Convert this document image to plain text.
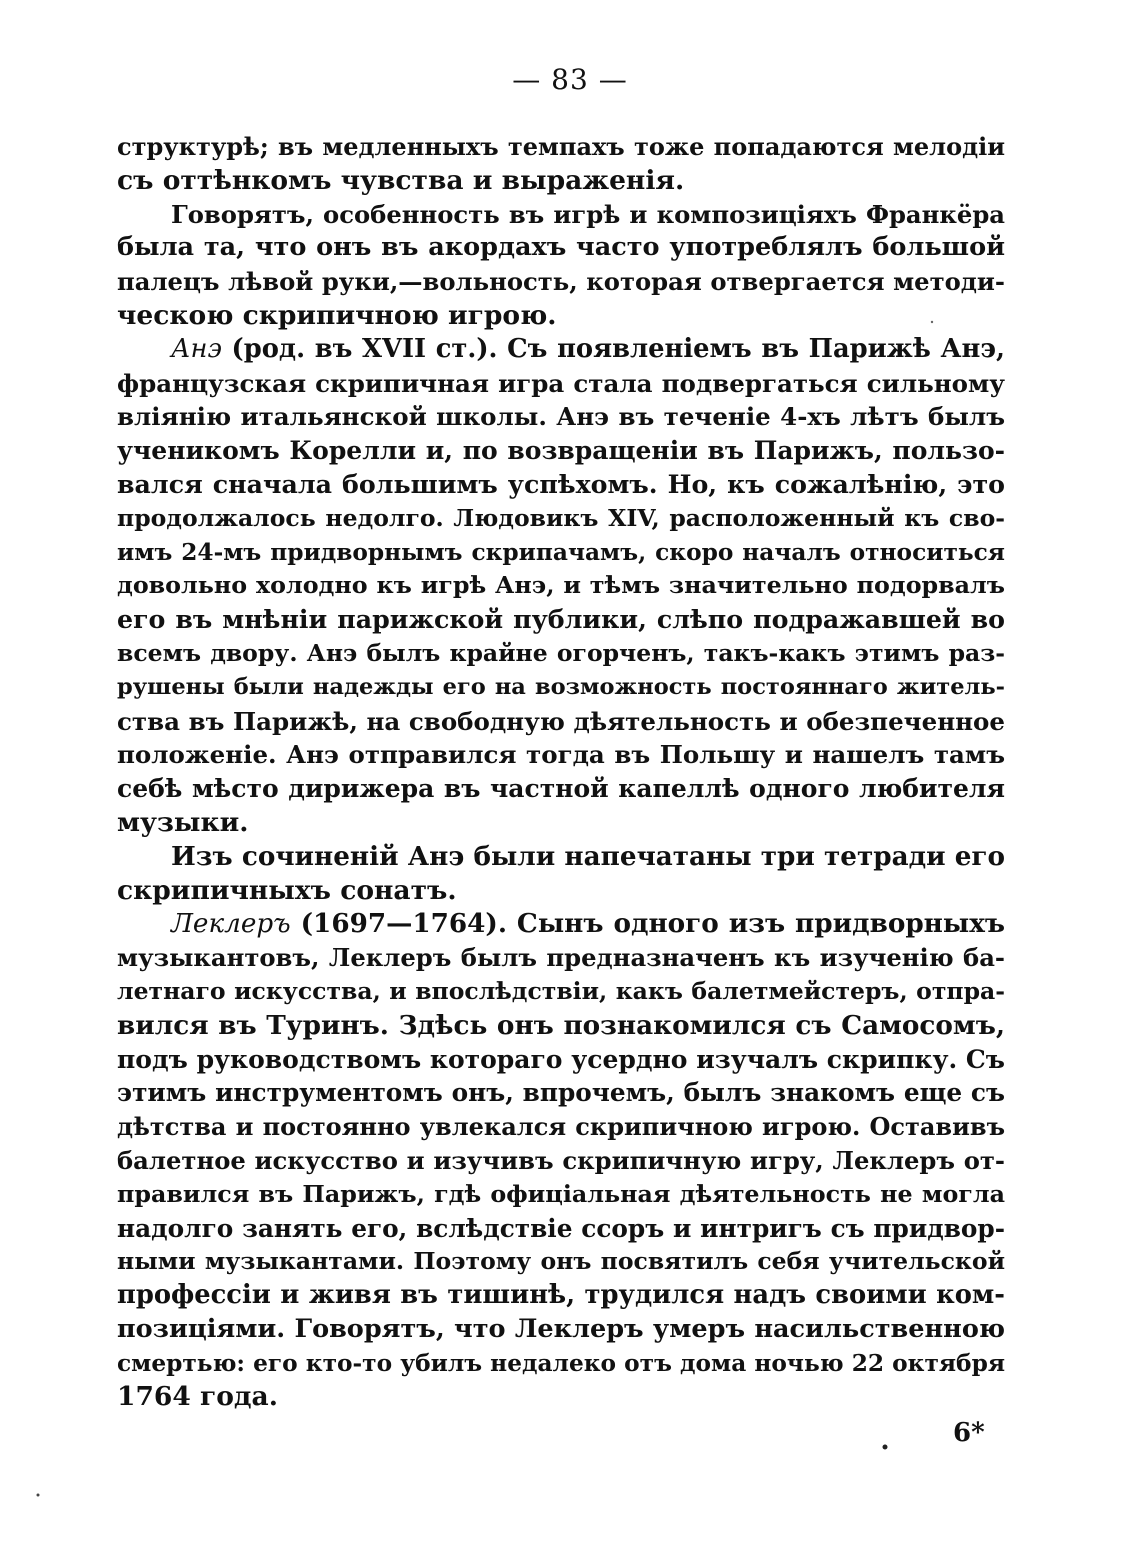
— 83 —
структурѣ; въ медленныхъ темпахъ тоже попадаются мелодіи
съ оттѣнкомъ чувства и выраженія.
Говорятъ, особенность въ игрѣ и композиціяхъ Франкёра
была та, что онъ въ акордахъ часто употреблялъ большой
палецъ лѣвой руки,—вольность, которая отвергается методи-
ческою скрипичною игрою.
Анэ (род. въ XVII ст.). Съ появленіемъ въ Парижѣ Анэ,
французская скрипичная игра стала подвергаться сильному
вліянію итальянской школы. Анэ въ теченіе 4-хъ лѣтъ былъ
ученикомъ Корелли и, по возвращеніи въ Парижъ, пользо-
вался сначала большимъ успѣхомъ. Но, къ сожалѣнію, это
продолжалось недолго. Людовикъ XIV, расположенный къ сво-
имъ 24-мъ придворнымъ скрипачамъ, скоро началъ относиться
довольно холодно къ игрѣ Анэ, и тѣмъ значительно подорвалъ
его въ мнѣніи парижской публики, слѣпо подражавшей во
всемъ двору. Анэ былъ крайне огорченъ, такъ-какъ этимъ раз-
рушены были надежды его на возможность постояннаго житель-
ства въ Парижѣ, на свободную дѣятельность и обезпеченное
положеніе. Анэ отправился тогда въ Польшу и нашелъ тамъ
себѣ мѣсто дирижера въ частной капеллѣ одного любителя
музыки.
Изъ сочиненій Анэ были напечатаны три тетради его
скрипичныхъ сонатъ.
Леклеръ (1697—1764). Сынъ одного изъ придворныхъ
музыкантовъ, Леклеръ былъ предназначенъ къ изученію ба-
летнаго искусства, и впослѣдствіи, какъ балетмейстеръ, отпра-
вился въ Туринъ. Здѣсь онъ познакомился съ Самосомъ,
подъ руководствомъ котораго усердно изучалъ скрипку. Съ
этимъ инструментомъ онъ, впрочемъ, былъ знакомъ еще съ
дѣтства и постоянно увлекался скрипичною игрою. Оставивъ
балетное искусство и изучивъ скрипичную игру, Леклеръ от-
правился въ Парижъ, гдѣ офиціальная дѣятельность не могла
надолго занять его, вслѣдствіе ссоръ и интригъ съ придвор-
ными музыкантами. Поэтому онъ посвятилъ себя учительской
профессіи и живя въ тишинѣ, трудился надъ своими ком-
позиціями. Говорятъ, что Леклеръ умеръ насильственною
смертью: его кто-то убилъ недалеко отъ дома ночью 22 октября
1764 года.
6*
